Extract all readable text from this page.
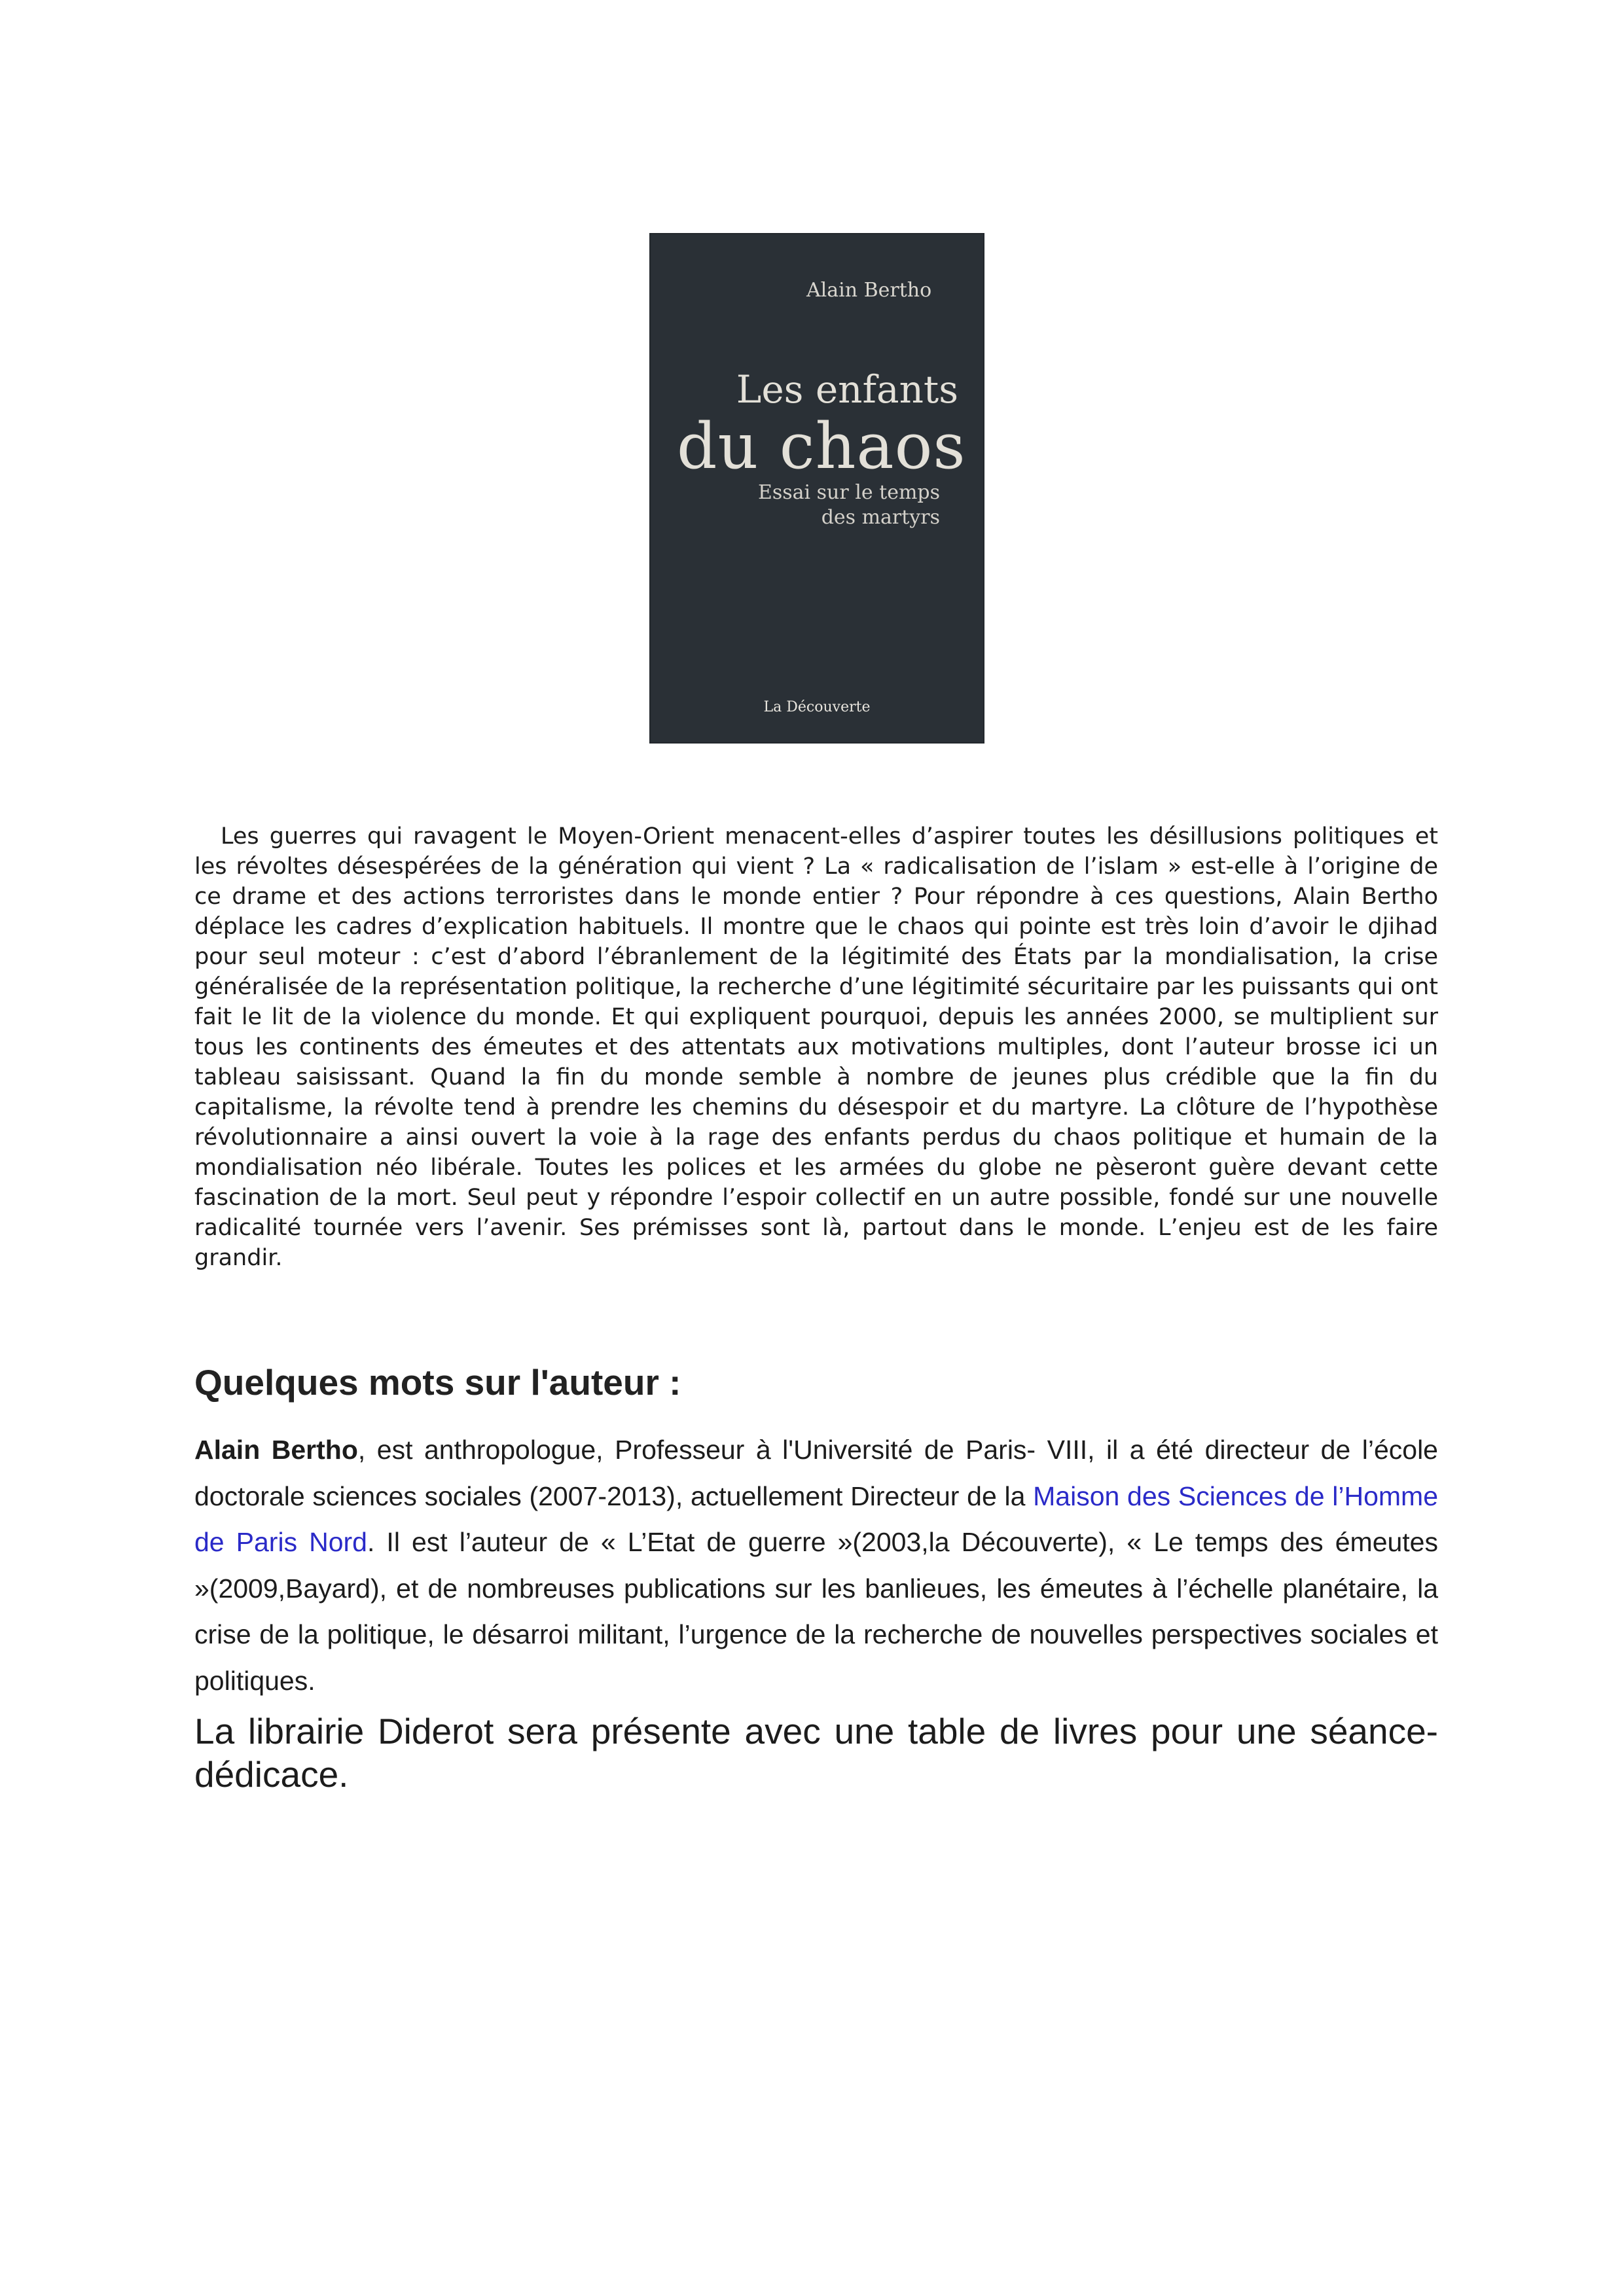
Alain Bertho
Les enfants
du chaos
Essai sur le temps
des martyrs
La Découverte

Les guerres qui ravagent le Moyen-Orient menacent-elles d’aspirer toutes les désillusions politiques et les révoltes désespérées de la génération qui vient ? La « radicalisation de l’islam » est-elle à l’origine de ce drame et des actions terroristes dans le monde entier ? Pour répondre à ces questions, Alain Bertho déplace les cadres d’explication habituels. Il montre que le chaos qui pointe est très loin d’avoir le djihad pour seul moteur : c’est d’abord l’ébranlement de la légitimité des États par la mondialisation, la crise généralisée de la représentation politique, la recherche d’une légitimité sécuritaire par les puissants qui ont fait le lit de la violence du monde. Et qui expliquent pourquoi, depuis les années 2000, se multiplient sur tous les continents des émeutes et des attentats aux motivations multiples, dont l’auteur brosse ici un tableau saisissant. Quand la fin du monde semble à nombre de jeunes plus crédible que la fin du capitalisme, la révolte tend à prendre les chemins du désespoir et du martyre. La clôture de l’hypothèse révolutionnaire a ainsi ouvert la voie à la rage des enfants perdus du chaos politique et humain de la mondialisation néo libérale. Toutes les polices et les armées du globe ne pèseront guère devant cette fascination de la mort. Seul peut y répondre l’espoir collectif en un autre possible, fondé sur une nouvelle radicalité tournée vers l’avenir. Ses prémisses sont là, partout dans le monde. L’enjeu est de les faire grandir.

Quelques mots sur l'auteur :

Alain Bertho, est anthropologue, Professeur à l'Université de Paris- VIII, il a été directeur de l’école doctorale sciences sociales (2007-2013), actuellement Directeur de la Maison des Sciences de l’Homme de Paris Nord. Il est l’auteur de « L’Etat de guerre »(2003,la Découverte), « Le temps des émeutes »(2009,Bayard), et de nombreuses publications sur les banlieues, les émeutes à l’échelle planétaire, la crise de la politique, le désarroi militant, l’urgence de la recherche de nouvelles perspectives sociales et politiques.

La librairie Diderot sera présente avec une table de livres pour une séance-dédicace.
